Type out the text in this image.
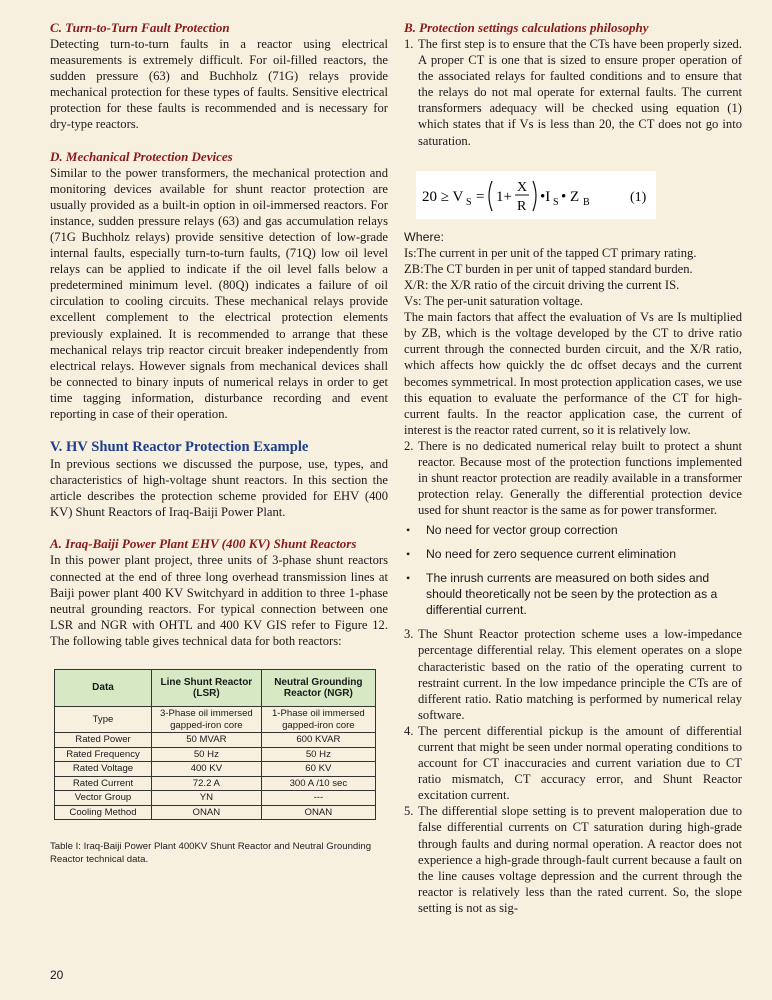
C. Turn-to-Turn Fault Protection

Detecting turn-to-turn faults in a reactor using electrical measurements is extremely difficult. For oil-filled reactors, the sudden pressure (63) and Buchholz (71G) relays provide mechanical protection for these types of faults. Sensitive electrical protection for these faults is recommended and is necessary for dry-type reactors.

D. Mechanical Protection Devices

Similar to the power transformers, the mechanical protection and monitoring devices available for shunt reactor protection are usually provided as a built-in option in oil-immersed reactors. For instance, sudden pressure relays (63) and gas accumulation relays (71G Buchholz relays) provide sensitive detection of low-grade internal faults, especially turn-to-turn faults, (71Q) low oil level relays can be applied to indicate if the oil level falls below a predetermined minimum level. (80Q) indicates a failure of oil circulation to cooling circuits. These mechanical relays provide excellent complement to the electrical protection elements previously explained. It is recommended to arrange that these mechanical relays trip reactor circuit breaker independently from electrical relays. However signals from mechanical devices shall be connected to binary inputs of numerical relays in order to get time tagging information, disturbance recording and event reporting in case of their operation.

V. HV Shunt Reactor Protection Example

In previous sections we discussed the purpose, use, types, and characteristics of high-voltage shunt reactors. In this section the article describes the protection scheme provided for EHV (400 KV) Shunt Reactors of Iraq-Baiji Power Plant.

A. Iraq-Baiji Power Plant EHV (400 KV) Shunt Reactors

In this power plant project, three units of 3-phase shunt reactors connected at the end of three long overhead transmission lines at Baiji power plant 400 KV Switchyard in addition to three 1-phase neutral grounding reactors. For typical connection between one LSR and NGR with OHTL and 400 KV GIS refer to Figure 12. The following table gives technical data for both reactors:

Data	Line Shunt Reactor (LSR)	Neutral Grounding Reactor (NGR)
Type	3-Phase oil immersed gapped-iron core	1-Phase oil immersed gapped-iron core
Rated Power	50 MVAR	600 KVAR
Rated Frequency	50 Hz	50 Hz
Rated Voltage	400 KV	60 KV
Rated Current	72.2 A	300 A /10 sec
Vector Group	YN	---
Cooling Method	ONAN	ONAN
Table I: Iraq-Baiji Power Plant 400KV Shunt Reactor and Neutral Grounding Reactor technical data.
B. Protection settings calculations philosophy
1. The first step is to ensure that the CTs have been properly sized. A proper CT is one that is sized to ensure proper operation of the associated relays for faulted conditions and to ensure that the relays do not mal operate for external faults. The current transformers adequacy will be checked using equation (1) which states that if Vs is less than 20, the CT does not go into saturation.

20 ≥ V S = 1+
X
R
•I S • Z B	(1)

Where:

Is:The current in per unit of the tapped CT primary rating.

ZB:The CT burden in per unit of tapped standard burden.

X/R: the X/R ratio of the circuit driving the current IS.

Vs: The per-unit saturation voltage.

The main factors that affect the evaluation of Vs are Is multiplied by ZB, which is the voltage developed by the CT to drive ratio current through the connected burden circuit, and the X/R ratio, which affects how quickly the dc offset decays and the current becomes symmetrical. In most protection application cases, we use this equation to evaluate the performance of the CT for high-current faults. In the reactor application case, the current of interest is the reactor rated current, so it is relatively low.

2. There is no dedicated numerical relay built to protect a shunt reactor. Because most of the protection functions implemented in shunt reactor protection are readily available in a transformer protection relay. Generally the differential protection device used for shunt reactor is the same as for power transformer.

• No need for vector group correction

• No need for zero sequence current elimination

• The inrush currents are measured on both sides and should theoretically not be seen by the protection as a differential current.

3. The Shunt Reactor protection scheme uses a low-impedance percentage differential relay. This element operates on a slope characteristic based on the ratio of the operating current to restraint current. In the low impedance principle the CTs are of different ratio. Ratio matching is performed by numerical relay software.

4. The percent differential pickup is the amount of differential current that might be seen under normal operating conditions to account for CT inaccuracies and current variation due to CT ratio mismatch, CT accuracy error, and Shunt Reactor excitation current.

5. The differential slope setting is to prevent maloperation due to false differential currents on CT saturation during high-grade through faults and during normal operation. A reactor does not experience a high-grade through-fault current because a fault on the line causes voltage depression and the current through the reactor is relatively less than the rated current. So, the slope setting is not as sig-

20
